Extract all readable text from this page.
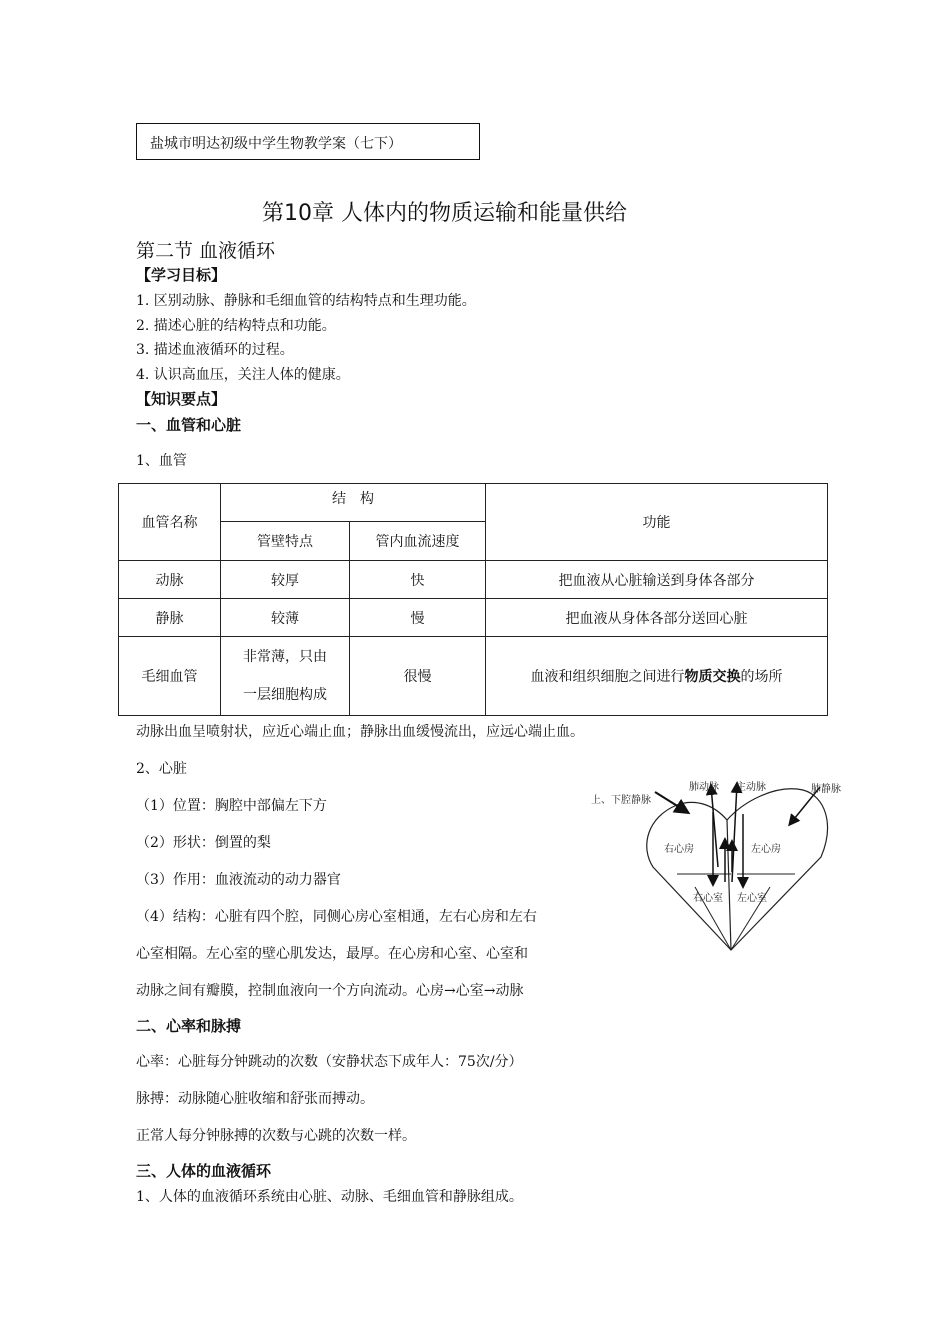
盐城市明达初级中学生物教学案（七下）
第10章 人体内的物质运输和能量供给
第二节 血液循环
【学习目标】
1. 区别动脉、静脉和毛细血管的结构特点和生理功能。
2. 描述心脏的结构特点和功能。
3. 描述血液循环的过程。
4. 认识高血压，关注人体的健康。
【知识要点】
一、血管和心脏
1、血管
血管名称	结　构		功能
	管壁特点	管内血流速度	
动脉	较厚	快	把血液从心脏输送到身体各部分
静脉	较薄	慢	把血液从身体各部分送回心脏
毛细血管	非常薄，只由
一层细胞构成	很慢	血液和组织细胞之间进行物质交换的场所
动脉出血呈喷射状，应近心端止血；静脉出血缓慢流出，应远心端止血。
2、心脏
（1）位置：胸腔中部偏左下方
（2）形状：倒置的梨
（3）作用：血液流动的动力器官
（4）结构：心脏有四个腔，同侧心房心室相通，左右心房和左右
心室相隔。左心室的壁心肌发达，最厚。在心房和心室、心室和
动脉之间有瓣膜，控制血液向一个方向流动。心房→心室→动脉
上、下腔静脉
肺动脉 主动脉	肺静脉
右心房	左心房
右心室 左心室
二、心率和脉搏
心率：心脏每分钟跳动的次数（安静状态下成年人：75次/分）
脉搏：动脉随心脏收缩和舒张而搏动。
正常人每分钟脉搏的次数与心跳的次数一样。
三、人体的血液循环
1、人体的血液循环系统由心脏、动脉、毛细血管和静脉组成。
